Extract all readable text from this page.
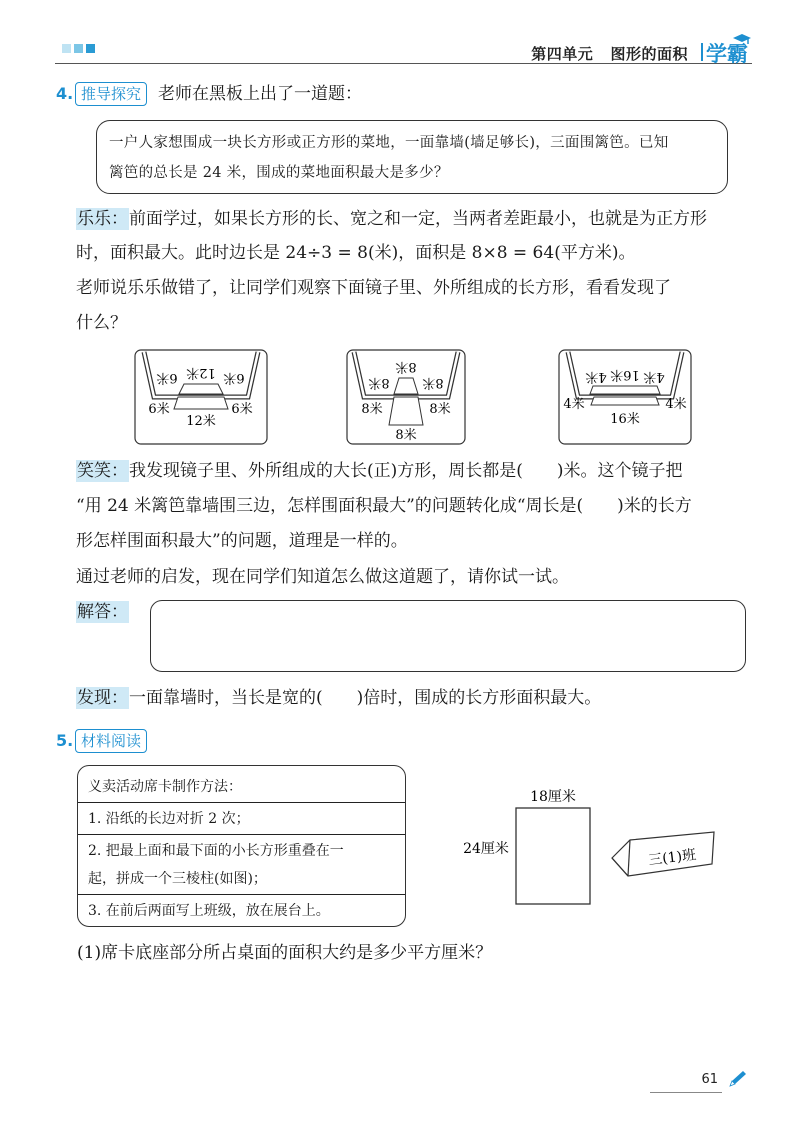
第四单元 图形的面积 学霸
4. 推导探究 老师在黑板上出了一道题：

一户人家想围成一块长方形或正方形的菜地，一面靠墙(墙足够长)，三面围篱笆。已知

篱笆的总长是 24 米，围成的菜地面积最大是多少？

乐乐：前面学过，如果长方形的长、宽之和一定，当两者差距最小，也就是为正方形
时，面积最大。此时边长是 24÷3 = 8(米)，面积是 8×8 = 64(平方米)。
老师说乐乐做错了，让同学们观察下面镜子里、外所组成的长方形，看看发现了
什么？
12米
6米	6米
6米	6米
12米
8米
8米	8米
8米	8米
8米
16米
4米	4米
4米	4米
16米
笑笑：我发现镜子里、外所组成的大长(正)方形，周长都是(　　)米。这个镜子把
“用 24 米篱笆靠墙围三边，怎样围面积最大”的问题转化成“周长是(　　)米的长方
形怎样围面积最大”的问题，道理是一样的。
通过老师的启发，现在同学们知道怎么做这道题了，请你试一试。
解答：
发现：一面靠墙时，当长是宽的(　　)倍时，围成的长方形面积最大。
5. 材料阅读

义卖活动席卡制作方法：

1. 沿纸的长边对折 2 次；

2. 把最上面和最下面的小长方形重叠在一

起，拼成一个三棱柱(如图)；

3. 在前后两面写上班级，放在展台上。

18厘米
24厘米	三(1)班
(1)席卡底座部分所占桌面的面积大约是多少平方厘米？
61
